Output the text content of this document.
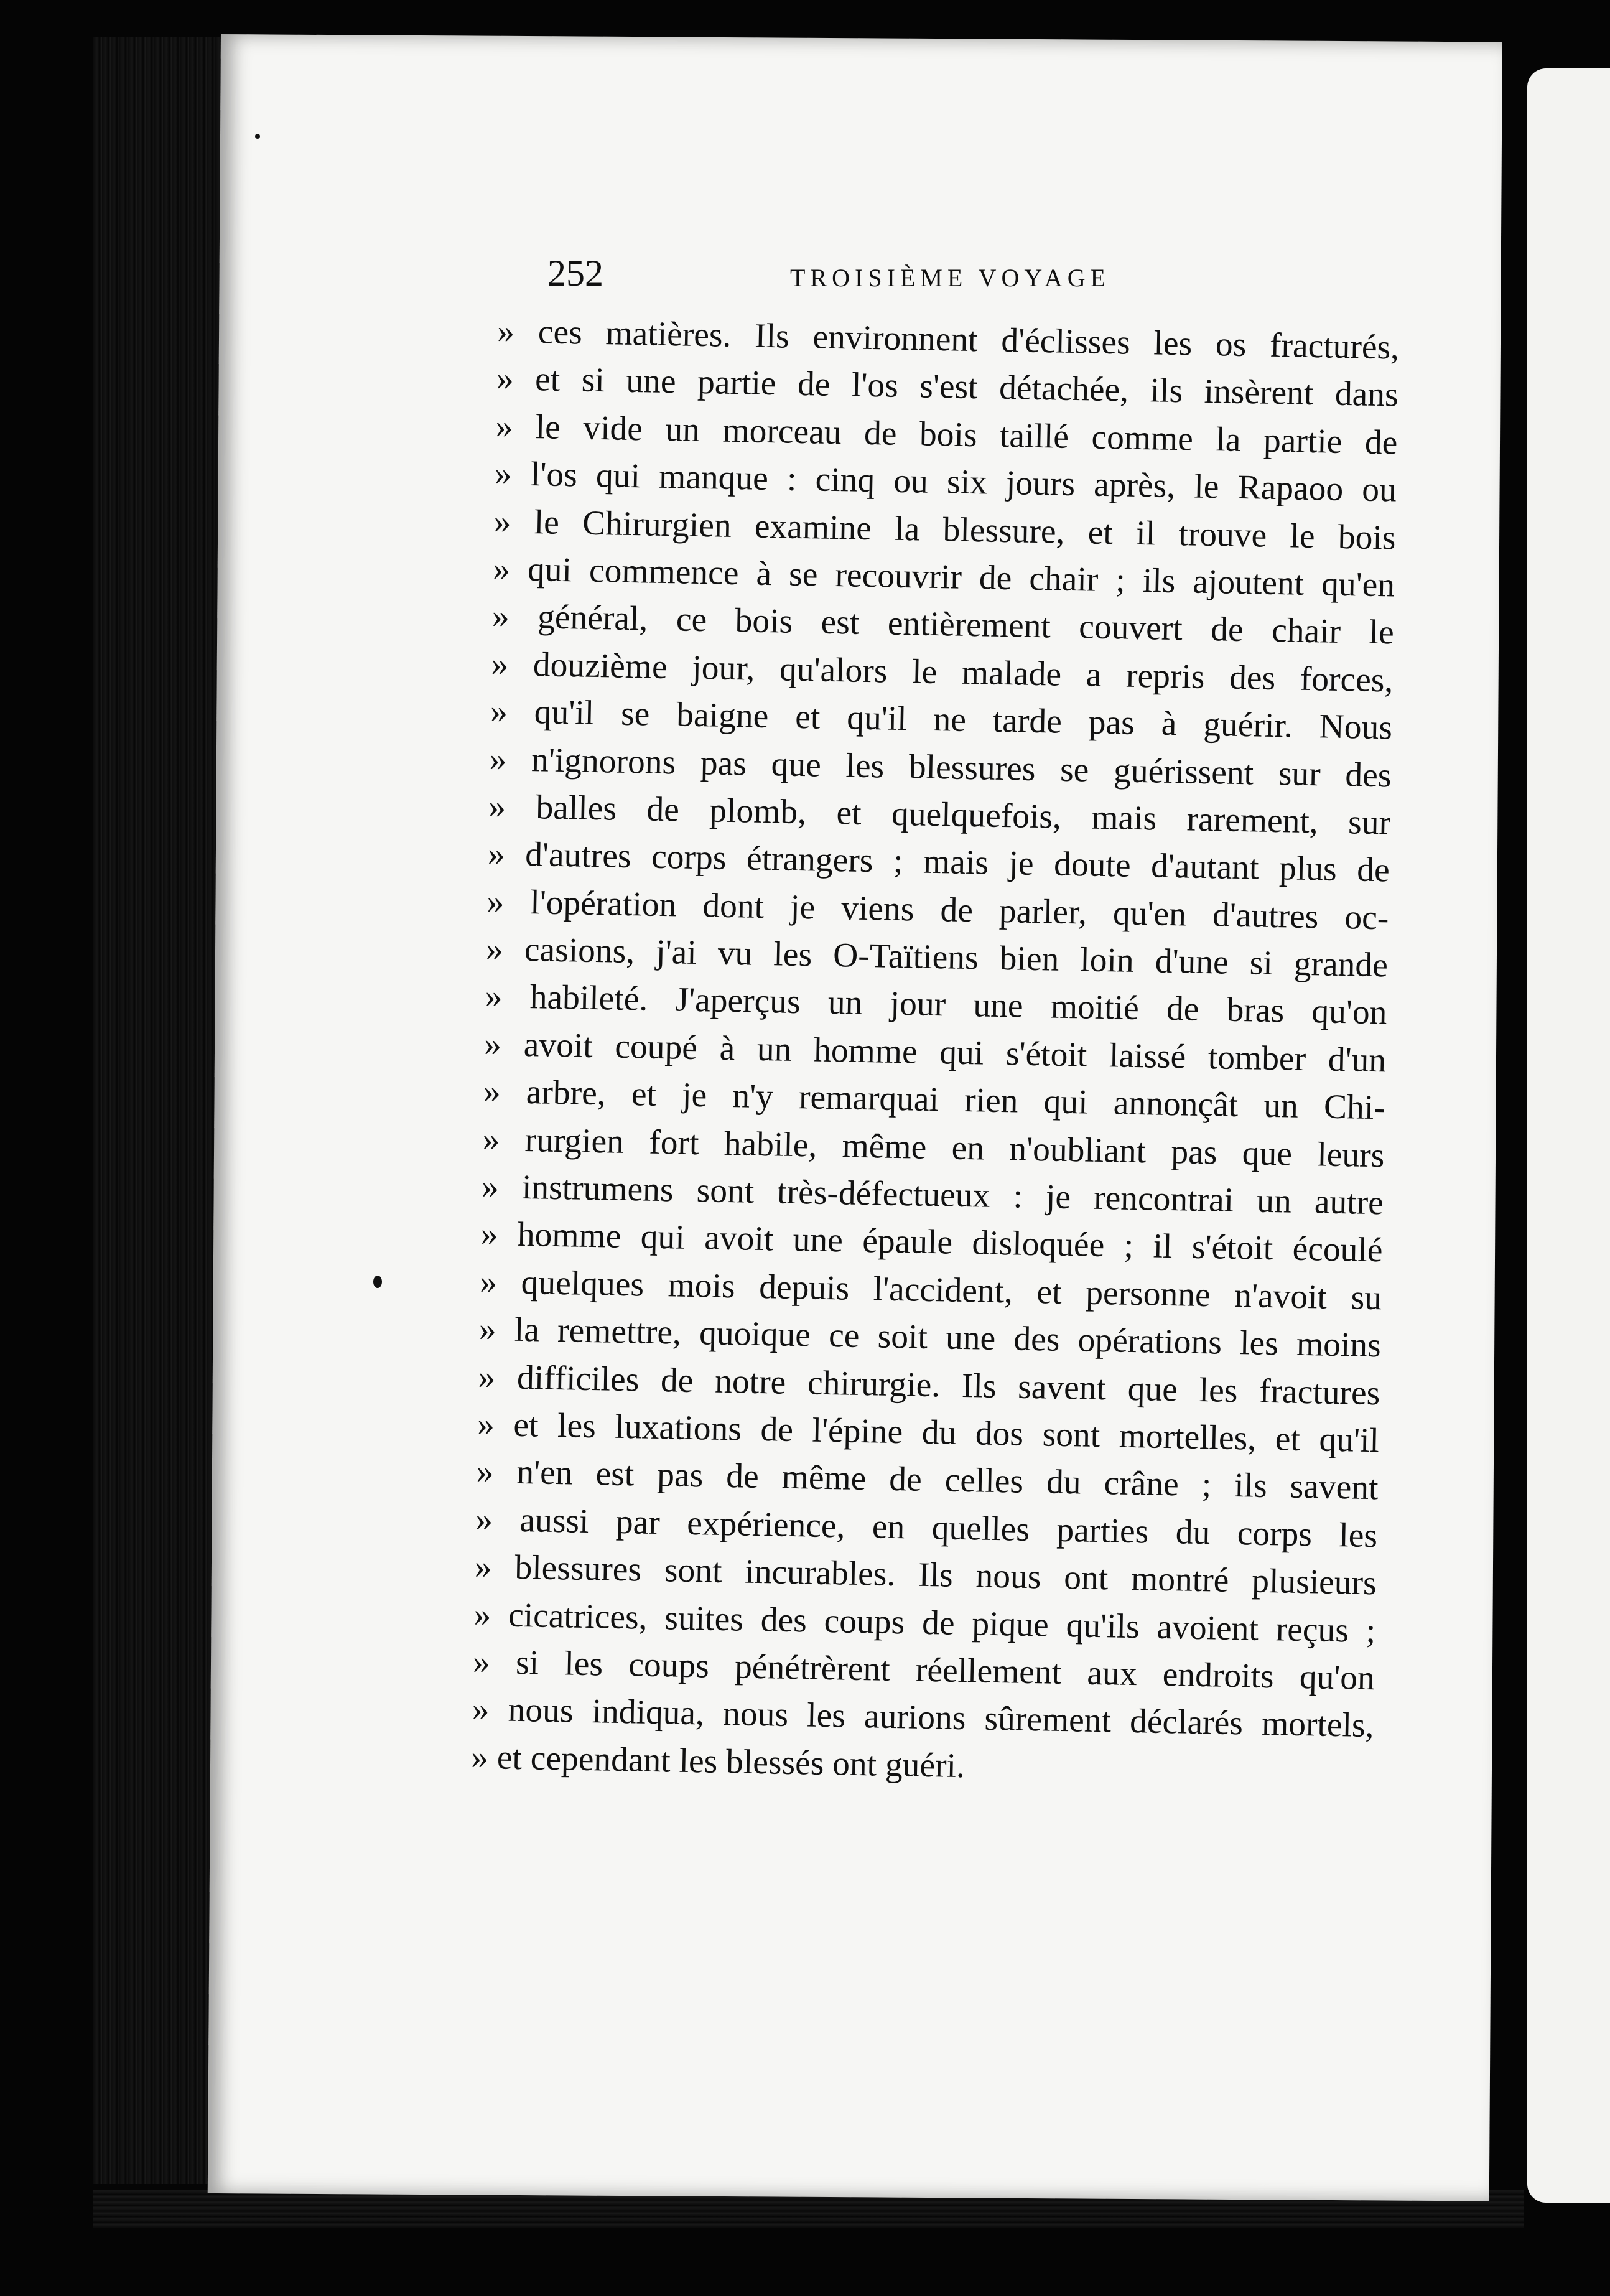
252	TROISIÈME VOYAGE
» ces matières. Ils environnent d'éclisses les os fracturés,
» et si une partie de l'os s'est détachée, ils insèrent dans
» le vide un morceau de bois taillé comme la partie de
» l'os qui manque : cinq ou six jours après, le Rapaoo ou
» le Chirurgien examine la blessure, et il trouve le bois
» qui commence à se recouvrir de chair ; ils ajoutent qu'en
» général, ce bois est entièrement couvert de chair le
» douzième jour, qu'alors le malade a repris des forces,
» qu'il se baigne et qu'il ne tarde pas à guérir. Nous
» n'ignorons pas que les blessures se guérissent sur des
» balles de plomb, et quelquefois, mais rarement, sur
» d'autres corps étrangers ; mais je doute d'autant plus de
» l'opération dont je viens de parler, qu'en d'autres oc-
» casions, j'ai vu les O-Taïtiens bien loin d'une si grande
» habileté. J'aperçus un jour une moitié de bras qu'on
» avoit coupé à un homme qui s'étoit laissé tomber d'un
» arbre, et je n'y remarquai rien qui annonçât un Chi-
» rurgien fort habile, même en n'oubliant pas que leurs
» instrumens sont très-défectueux : je rencontrai un autre
» homme qui avoit une épaule disloquée ; il s'étoit écoulé
» quelques mois depuis l'accident, et personne n'avoit su
» la remettre, quoique ce soit une des opérations les moins
» difficiles de notre chirurgie. Ils savent que les fractures
» et les luxations de l'épine du dos sont mortelles, et qu'il
» n'en est pas de même de celles du crâne ; ils savent
» aussi par expérience, en quelles parties du corps les
» blessures sont incurables. Ils nous ont montré plusieurs
» cicatrices, suites des coups de pique qu'ils avoient reçus ;
» si les coups pénétrèrent réellement aux endroits qu'on
» nous indiqua, nous les aurions sûrement déclarés mortels,
» et cependant les blessés ont guéri.
